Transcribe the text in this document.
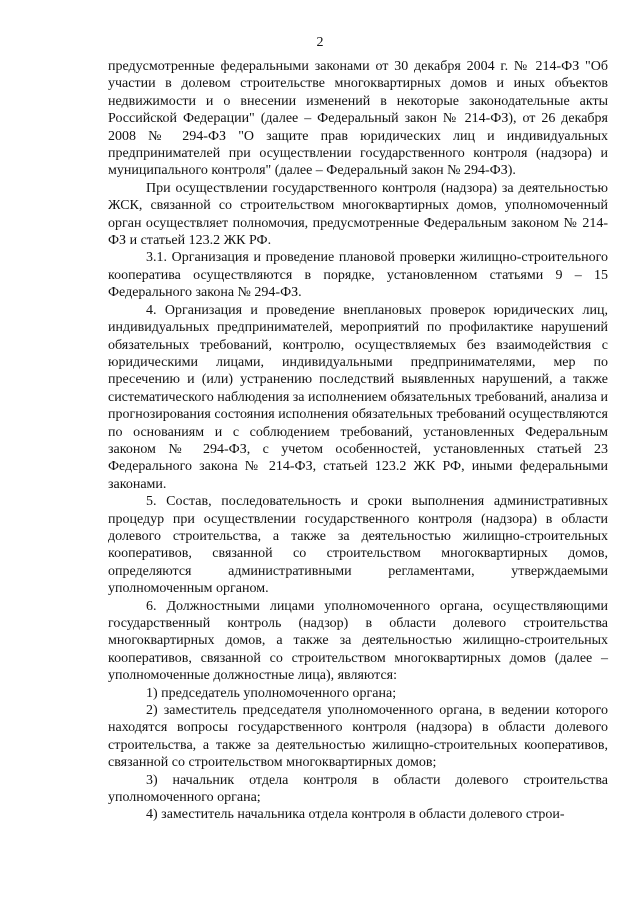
2

предусмотренные федеральными законами от 30 декабря 2004 г. № 214-ФЗ "Об участии в долевом строительстве многоквартирных домов и иных объектов недвижимости и о внесении изменений в некоторые законодательные акты Российской Федерации" (далее – Федеральный закон № 214-ФЗ), от 26 декабря 2008 № 294-ФЗ "О защите прав юридических лиц и индивидуальных предпринимателей при осуществлении государственного контроля (надзора) и муниципального контроля" (далее – Федеральный закон № 294-ФЗ).

При осуществлении государственного контроля (надзора) за деятельностью ЖСК, связанной со строительством многоквартирных домов, уполномоченный орган осуществляет полномочия, предусмотренные Федеральным законом № 214-ФЗ и статьей 123.2 ЖК РФ.

3.1. Организация и проведение плановой проверки жилищно-строительного кооператива осуществляются в порядке, установленном статьями 9 – 15 Федерального закона № 294-ФЗ.

4. Организация и проведение внеплановых проверок юридических лиц, индивидуальных предпринимателей, мероприятий по профилактике нарушений обязательных требований, контролю, осуществляемых без взаимодействия с юридическими лицами, индивидуальными предпринимателями, мер по пресечению и (или) устранению последствий выявленных нарушений, а также систематического наблюдения за исполнением обязательных требований, анализа и прогнозирования состояния исполнения обязательных требований осуществляются по основаниям и с соблюдением требований, установленных Федеральным законом № 294-ФЗ, с учетом особенностей, установленных статьей 23 Федерального закона № 214-ФЗ, статьей 123.2 ЖК РФ, иными федеральными законами.

5. Состав, последовательность и сроки выполнения административных процедур при осуществлении государственного контроля (надзора) в области долевого строительства, а также за деятельностью жилищно-строительных кооперативов, связанной со строительством многоквартирных домов, определяются административными регламентами, утверждаемыми уполномоченным органом.

6. Должностными лицами уполномоченного органа, осуществляющими государственный контроль (надзор) в области долевого строительства многоквартирных домов, а также за деятельностью жилищно-строительных кооперативов, связанной со строительством многоквартирных домов (далее – уполномоченные должностные лица), являются:

1) председатель уполномоченного органа;

2) заместитель председателя уполномоченного органа, в ведении которого находятся вопросы государственного контроля (надзора) в области долевого строительства, а также за деятельностью жилищно-строительных кооперативов, связанной со строительством многоквартирных домов;

3) начальник отдела контроля в области долевого строительства уполномоченного органа;

4) заместитель начальника отдела контроля в области долевого строи-
